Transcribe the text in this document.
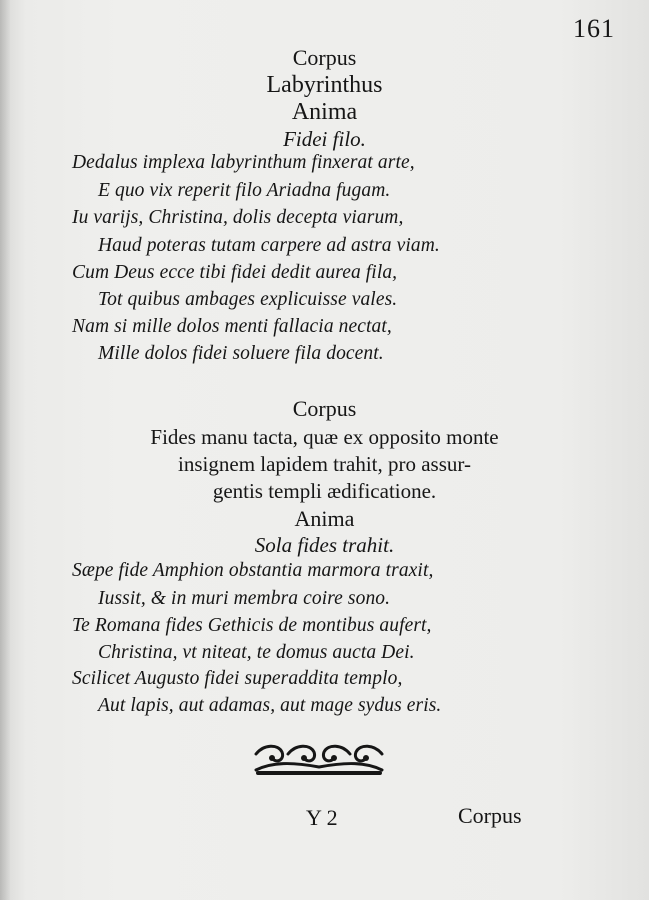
161
Corpus
Labyrinthus
Anima
Fidei filo.
Dedalus implexa labyrinthum finxerat arte,
E quo vix reperit filo Ariadna fugam.
Iu varijs, Christina, dolis decepta viarum,
Haud poteras tutam carpere ad astra viam.
Cum Deus ecce tibi fidei dedit aurea fila,
Tot quibus ambages explicuisse vales.
Nam si mille dolos menti fallacia nectat,
Mille dolos fidei soluere fila docent.
Corpus
Fides manu tacta, quæ ex opposito monte
insignem lapidem trahit, pro assur-
gentis templi ædificatione.
Anima
Sola fides trahit.
Sæpe fide Amphion obstantia marmora traxit,
Iussit, & in muri membra coire sono.
Te Romana fides Gethicis de montibus aufert,
Christina, vt niteat, te domus aucta Dei.
Scilicet Augusto fidei superaddita templo,
Aut lapis, aut adamas, aut mage sydus eris.
Y 2	Corpus
